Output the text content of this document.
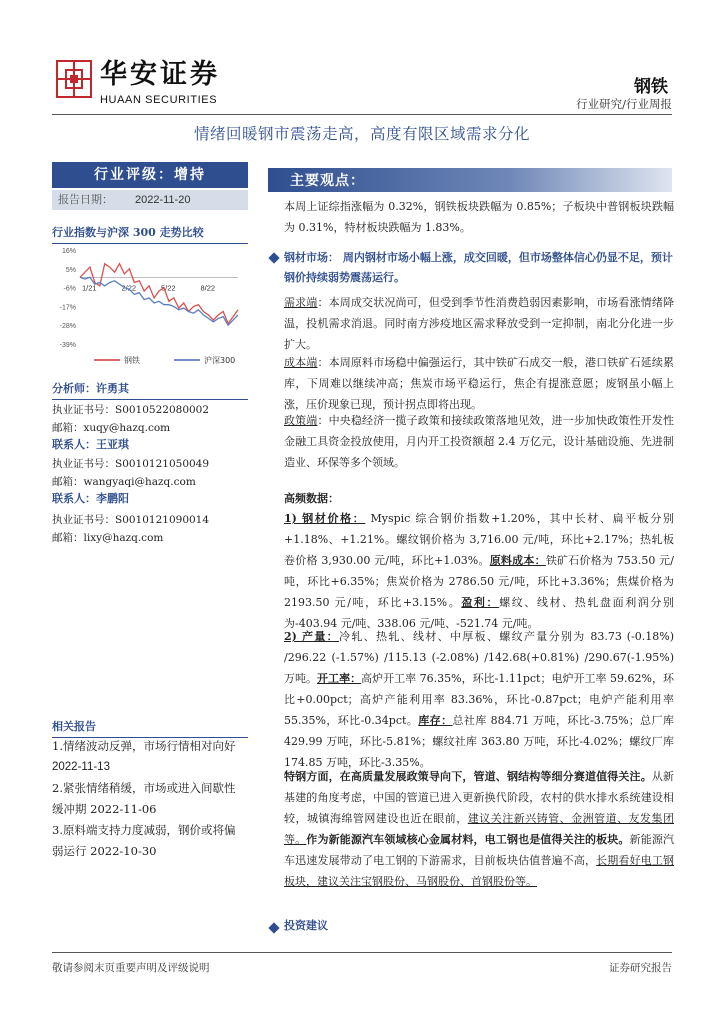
华安证券
HUAAN SECURITIES
钢铁
行业研究/行业周报
情绪回暖钢市震荡走高，高度有限区域需求分化
行业评级：增持
报告日期： 2022-11-20
行业指数与沪深 300 走势比较
16%
5%
-6%
-17%
-28%
-39%
1/21	2/22	5/22	8/22
钢铁	沪深300
分析师：许勇其
执业证书号：S0010522080002
邮箱：xuqy@hazq.com
联系人：王亚琪
执业证书号：S0010121050049
邮箱：wangyaqi@hazq.com
联系人：李鹏阳
执业证书号：S0010121090014
邮箱：lixy@hazq.com
相关报告
1.情绪波动反弹，市场行情相对向好
2022-11-13
2.紧张情绪稍缓，市场或进入间歇性
缓冲期 2022-11-06
3.原料端支持力度减弱，钢价或将偏
弱运行 2022-10-30
主要观点：
本周上证综指涨幅为 0.32%，钢铁板块跌幅为 0.85%；子板块中普钢板块跌幅为 0.31%，特材板块跌幅为 1.83%。
钢材市场： 周内钢材市场小幅上涨，成交回暖，但市场整体信心仍显不足，预计钢价持续弱势震荡运行。
需求端：本周成交状况尚可，但受到季节性消费趋弱因素影响，市场看涨情绪降温，投机需求消退。同时南方涉疫地区需求释放受到一定抑制，南北分化进一步扩大。
成本端：本周原料市场稳中偏强运行，其中铁矿石成交一般，港口铁矿石延续累库，下周难以继续冲高；焦炭市场平稳运行，焦企有提涨意愿；废钢虽小幅上涨，压价现象已现，预计拐点即将出现。
政策端：中央稳经济一揽子政策和接续政策落地见效，进一步加快政策性开发性金融工具资金投放使用，月内开工投资额超 2.4 万亿元，设计基础设施、先进制造业、环保等多个领域。
高频数据：
1) 钢材价格： Myspic 综合钢价指数+1.20%，其中长材、扁平板分别+1.18%、+1.21%。螺纹钢价格为 3,716.00 元/吨，环比+2.17%；热轧板卷价格 3,930.00 元/吨，环比+1.03%。原料成本：铁矿石价格为 753.50 元/吨，环比+6.35%；焦炭价格为 2786.50 元/吨，环比+3.36%；焦煤价格为 2193.50 元/吨，环比+3.15%。盈利：螺纹、线材、热轧盘面利润分别为-403.94 元/吨、338.06 元/吨、-521.74 元/吨。
2) 产量：冷轧、热轧、线材、中厚板、螺纹产量分别为 83.73 (-0.18%) /296.22 (-1.57%) /115.13 (-2.08%) /142.68(+0.81%) /290.67(-1.95%)万吨。开工率：高炉开工率 76.35%，环比-1.11pct；电炉开工率 59.62%，环比+0.00pct；高炉产能利用率 83.36%，环比-0.87pct；电炉产能利用率 55.35%，环比-0.34pct。库存：总社库 884.71 万吨，环比-3.75%；总厂库 429.99 万吨，环比-5.81%；螺纹社库 363.80 万吨，环比-4.02%；螺纹厂库 174.85 万吨，环比-3.35%。
特钢方面，在高质量发展政策导向下，管道、钢结构等细分赛道值得关注。从新基建的角度考虑，中国的管道已进入更新换代阶段，农村的供水排水系统建设相较，城镇海绵管网建设也近在眼前，建议关注新兴铸管、金洲管道、友发集团等。作为新能源汽车领域核心金属材料，电工钢也是值得关注的板块。新能源汽车迅速发展带动了电工钢的下游需求，目前板块估值普遍不高，长期看好电工钢板块，建议关注宝钢股份、马钢股份、首钢股份等。
投资建议
敬请参阅末页重要声明及评级说明	证券研究报告
